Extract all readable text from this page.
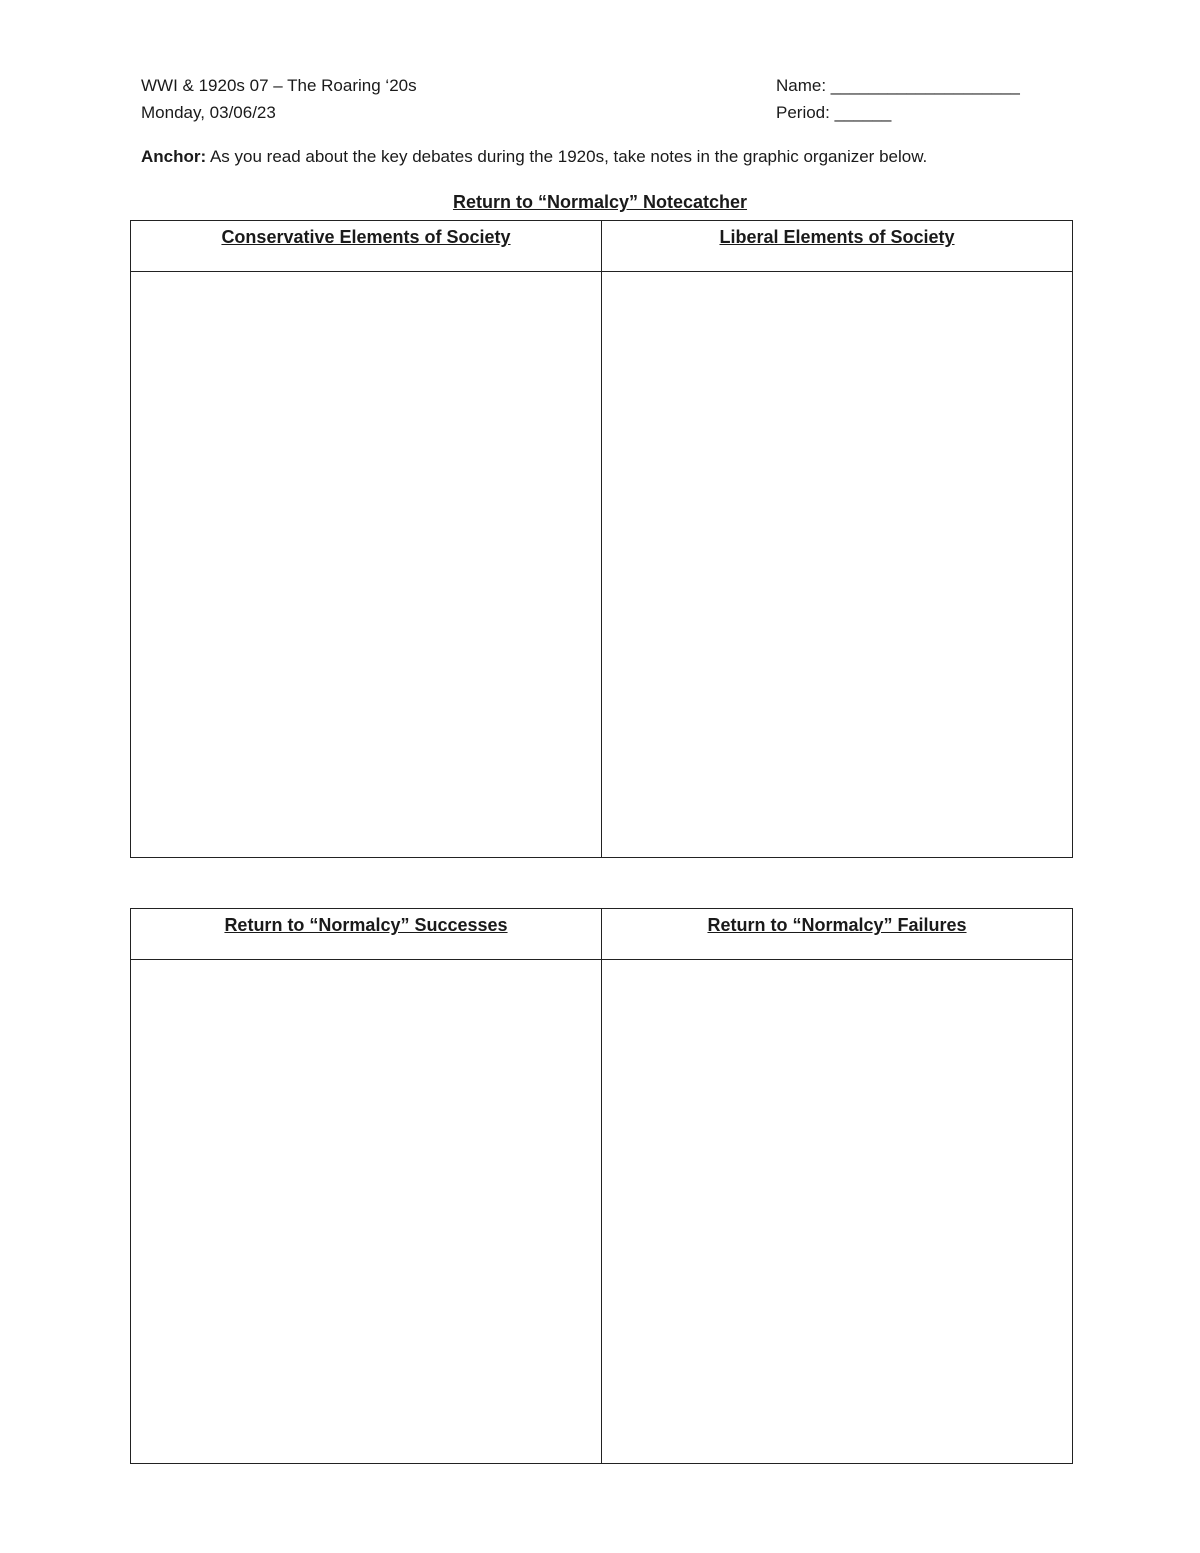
WWI & 1920s 07 – The Roaring ‘20s
Monday, 03/06/23
Name: ____________________
Period: ______
Anchor: As you read about the key debates during the 1920s, take notes in the graphic organizer below.
Return to “Normalcy” Notecatcher
Conservative Elements of Society	Liberal Elements of Society

Return to “Normalcy” Successes	Return to “Normalcy” Failures
